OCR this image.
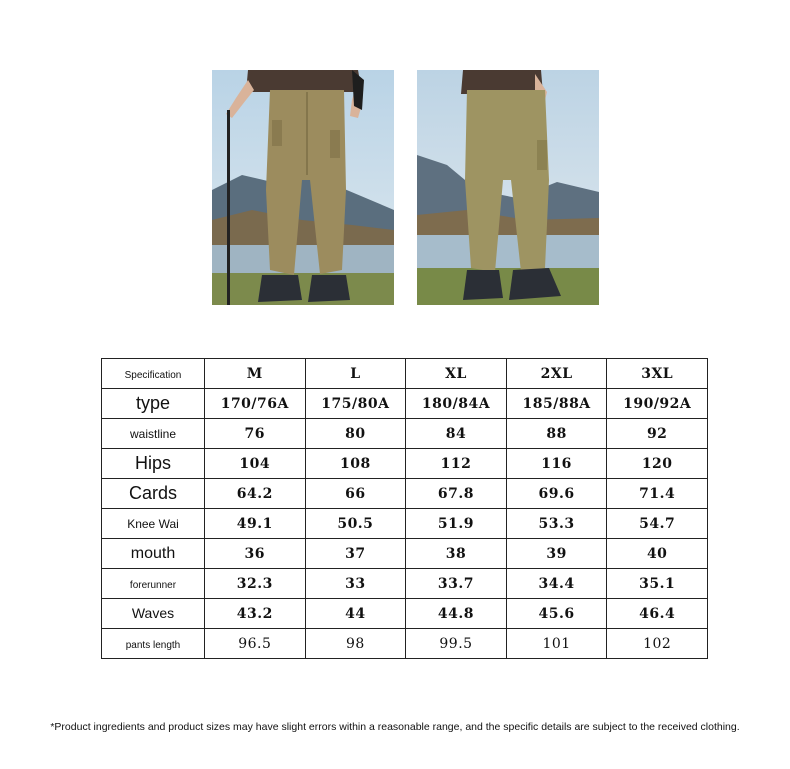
Specification	M	L	XL	2XL	3XL
type	170/76A	175/80A	180/84A	185/88A	190/92A
waistline	76	80	84	88	92
Hips	104	108	112	116	120
Cards	64.2	66	67.8	69.6	71.4
Knee Wai	49.1	50.5	51.9	53.3	54.7
mouth	36	37	38	39	40
forerunner	32.3	33	33.7	34.4	35.1
Waves	43.2	44	44.8	45.6	46.4
pants length	96.5	98	99.5	101	102
*Product ingredients and product sizes may have slight errors within a reasonable range, and the specific details are subject to the received clothing.
